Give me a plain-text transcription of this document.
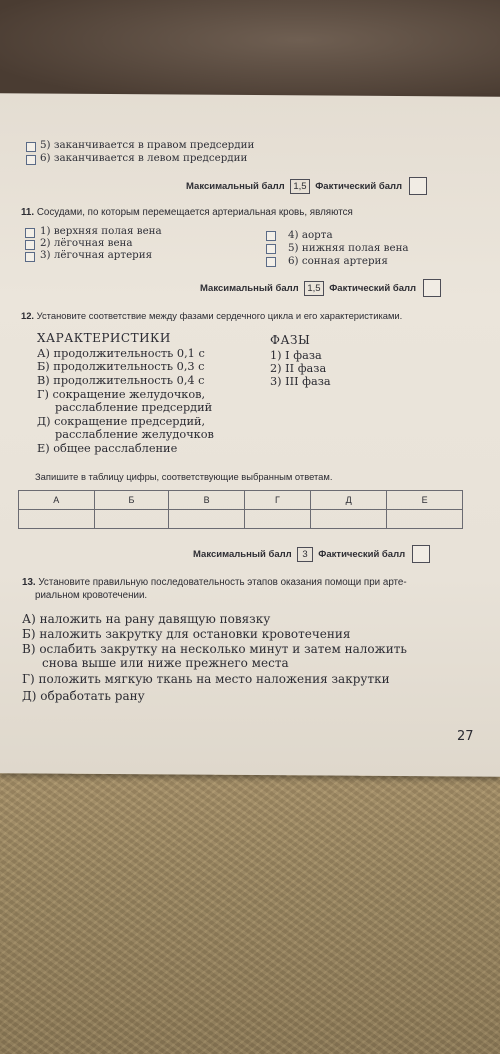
5) заканчивается в правом предсердии
6) заканчивается в левом предсердии
Максимальный балл 1,5 Фактический балл
11. Сосудами, по которым перемещается артериальная кровь, являются
1) верхняя полая вена
2) лёгочная вена
3) лёгочная артерия
4) аорта
5) нижняя полая вена
6) сонная артерия
Максимальный балл 1,5 Фактический балл
12. Установите соответствие между фазами сердечного цикла и его характеристиками.
ХАРАКТЕРИСТИКИ	ФАЗЫ
А) продолжительность 0,1 с
Б) продолжительность 0,3 с
В) продолжительность 0,4 с
Г) сокращение желудочков,
расслабление предсердий
Д) сокращение предсердий,
расслабление желудочков
Е) общее расслабление
1) I фаза
2) II фаза
3) III фаза
Запишите в таблицу цифры, соответствующие выбранным ответам.
А	Б	В	Г	Д	Е

Максимальный балл 3 Фактический балл
13. Установите правильную последовательность этапов оказания помощи при арте-
риальном кровотечении.
А) наложить на рану давящую повязку
Б) наложить закрутку для остановки кровотечения
В) ослабить закрутку на несколько минут и затем наложить
снова выше или ниже прежнего места
Г) положить мягкую ткань на место наложения закрутки
Д) обработать рану
27
